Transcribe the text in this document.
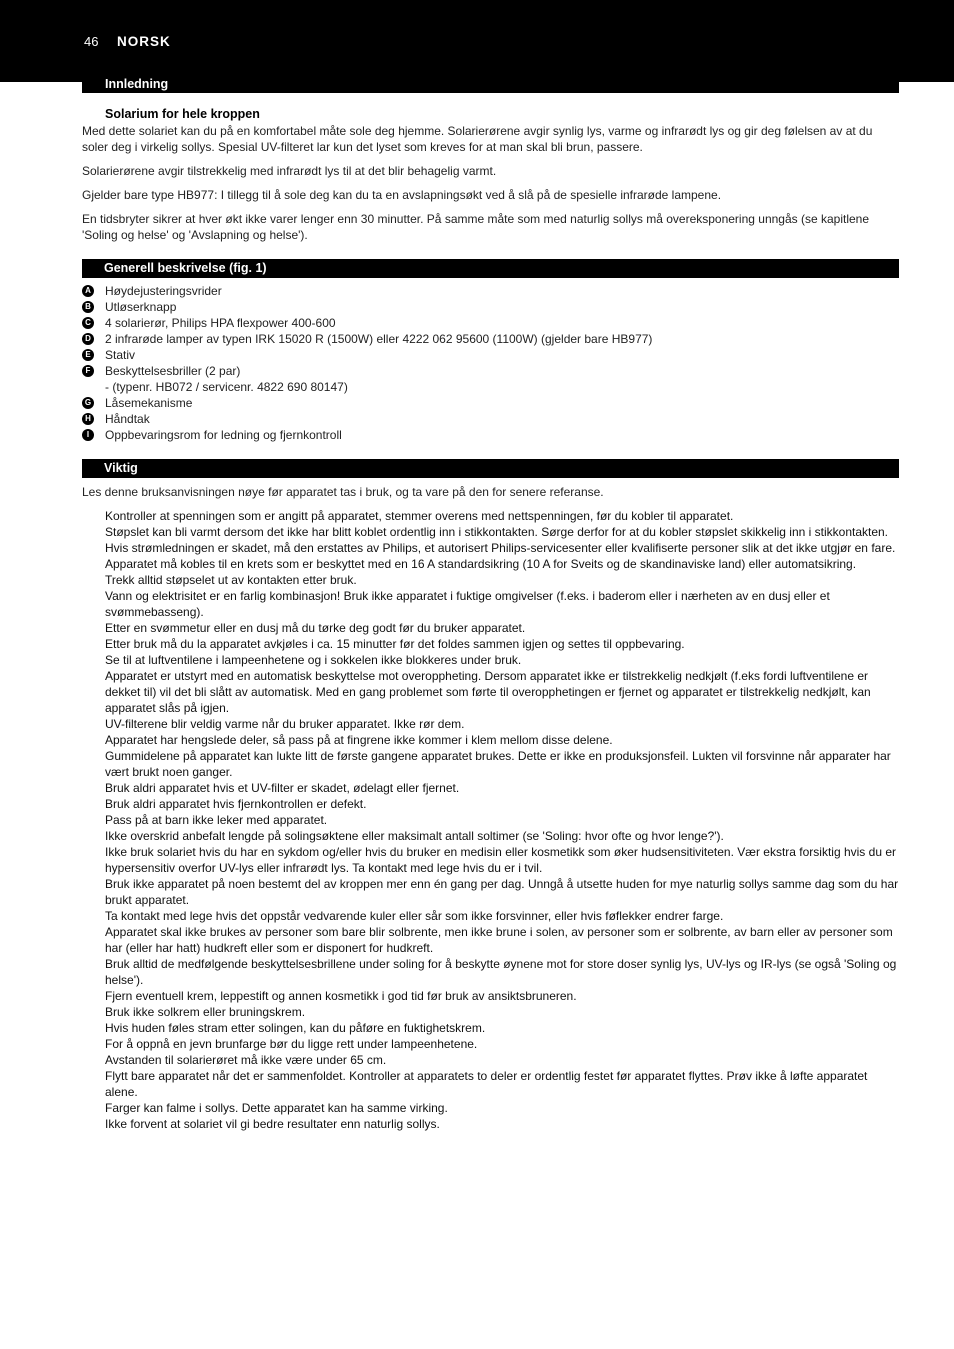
46 NORSK
Innledning
Solarium for hele kroppen
Med dette solariet kan du på en komfortabel måte sole deg hjemme. Solarierørene avgir synlig lys, varme og infrarødt lys og gir deg følelsen av at du soler deg i virkelig sollys. Spesial UV-filteret lar kun det lyset som kreves for at man skal bli brun, passere.
Solarierørene avgir tilstrekkelig med infrarødt lys til at det blir behagelig varmt.
Gjelder bare type HB977: I tillegg til å sole deg kan du ta en avslapningsøkt ved å slå på de spesielle infrarøde lampene.
En tidsbryter sikrer at hver økt ikke varer lenger enn 30 minutter. På samme måte som med naturlig sollys må overeksponering unngås (se kapitlene 'Soling og helse' og 'Avslapning og helse').
Generell beskrivelse (fig. 1)
A Høydejusteringsvrider
B Utløserknapp
C 4 solarierør, Philips HPA flexpower 400-600
D 2 infrarøde lamper av typen IRK 15020 R (1500W) eller 4222 062 95600 (1100W) (gjelder bare HB977)
E Stativ
F Beskyttelsesbriller (2 par)
- (typenr. HB072 / servicenr. 4822 690 80147)
G Låsemekanisme
H Håndtak
I	Oppbevaringsrom for ledning og fjernkontroll
Viktig
Les denne bruksanvisningen nøye før apparatet tas i bruk, og ta vare på den for senere referanse.
Kontroller at spenningen som er angitt på apparatet, stemmer overens med nettspenningen, før du kobler til apparatet.
Støpslet kan bli varmt dersom det ikke har blitt koblet ordentlig inn i stikkontakten. Sørge derfor for at du kobler støpslet skikkelig inn i stikkontakten.
Hvis strømledningen er skadet, må den erstattes av Philips, et autorisert Philips-servicesenter eller kvalifiserte personer slik at det ikke utgjør en fare.
Apparatet må kobles til en krets som er beskyttet med en 16 A standardsikring (10 A for Sveits og de skandinaviske land) eller automatsikring.
Trekk alltid støpselet ut av kontakten etter bruk.
Vann og elektrisitet er en farlig kombinasjon! Bruk ikke apparatet i fuktige omgivelser (f.eks. i baderom eller i nærheten av en dusj eller et svømmebasseng).
Etter en svømmetur eller en dusj må du tørke deg godt før du bruker apparatet.
Etter bruk må du la apparatet avkjøles i ca. 15 minutter før det foldes sammen igjen og settes til oppbevaring.
Se til at luftventilene i lampeenhetene og i sokkelen ikke blokkeres under bruk.
Apparatet er utstyrt med en automatisk beskyttelse mot overoppheting. Dersom apparatet ikke er tilstrekkelig nedkjølt (f.eks fordi luftventilene er dekket til) vil det bli slått av automatisk. Med en gang problemet som førte til overopphetingen er fjernet og apparatet er tilstrekkelig nedkjølt, kan apparatet slås på igjen.
UV-filterene blir veldig varme når du bruker apparatet. Ikke rør dem.
Apparatet har hengslede deler, så pass på at fingrene ikke kommer i klem mellom disse delene.
Gummidelene på apparatet kan lukte litt de første gangene apparatet brukes. Dette er ikke en produksjonsfeil. Lukten vil forsvinne når apparater har vært brukt noen ganger.
Bruk aldri apparatet hvis et UV-filter er skadet, ødelagt eller fjernet.
Bruk aldri apparatet hvis fjernkontrollen er defekt.
Pass på at barn ikke leker med apparatet.
Ikke overskrid anbefalt lengde på solingsøktene eller maksimalt antall soltimer (se 'Soling: hvor ofte og hvor lenge?').
Ikke bruk solariet hvis du har en sykdom og/eller hvis du bruker en medisin eller kosmetikk som øker hudsensitiviteten. Vær ekstra forsiktig hvis du er hypersensitiv overfor UV-lys eller infrarødt lys. Ta kontakt med lege hvis du er i tvil.
Bruk ikke apparatet på noen bestemt del av kroppen mer enn én gang per dag. Unngå å utsette huden for mye naturlig sollys samme dag som du har brukt apparatet.
Ta kontakt med lege hvis det oppstår vedvarende kuler eller sår som ikke forsvinner, eller hvis føflekker endrer farge.
Apparatet skal ikke brukes av personer som bare blir solbrente, men ikke brune i solen, av personer som er solbrente, av barn eller av personer som har (eller har hatt) hudkreft eller som er disponert for hudkreft.
Bruk alltid de medfølgende beskyttelsesbrillene under soling for å beskytte øynene mot for store doser synlig lys, UV-lys og IR-lys (se også 'Soling og helse').
Fjern eventuell krem, leppestift og annen kosmetikk i god tid før bruk av ansiktsbruneren.
Bruk ikke solkrem eller bruningskrem.
Hvis huden føles stram etter solingen, kan du påføre en fuktighetskrem.
For å oppnå en jevn brunfarge bør du ligge rett under lampeenhetene.
Avstanden til solarierøret må ikke være under 65 cm.
Flytt bare apparatet når det er sammenfoldet. Kontroller at apparatets to deler er ordentlig festet før apparatet flyttes. Prøv ikke å løfte apparatet alene.
Farger kan falme i sollys. Dette apparatet kan ha samme virking.
Ikke forvent at solariet vil gi bedre resultater enn naturlig sollys.
